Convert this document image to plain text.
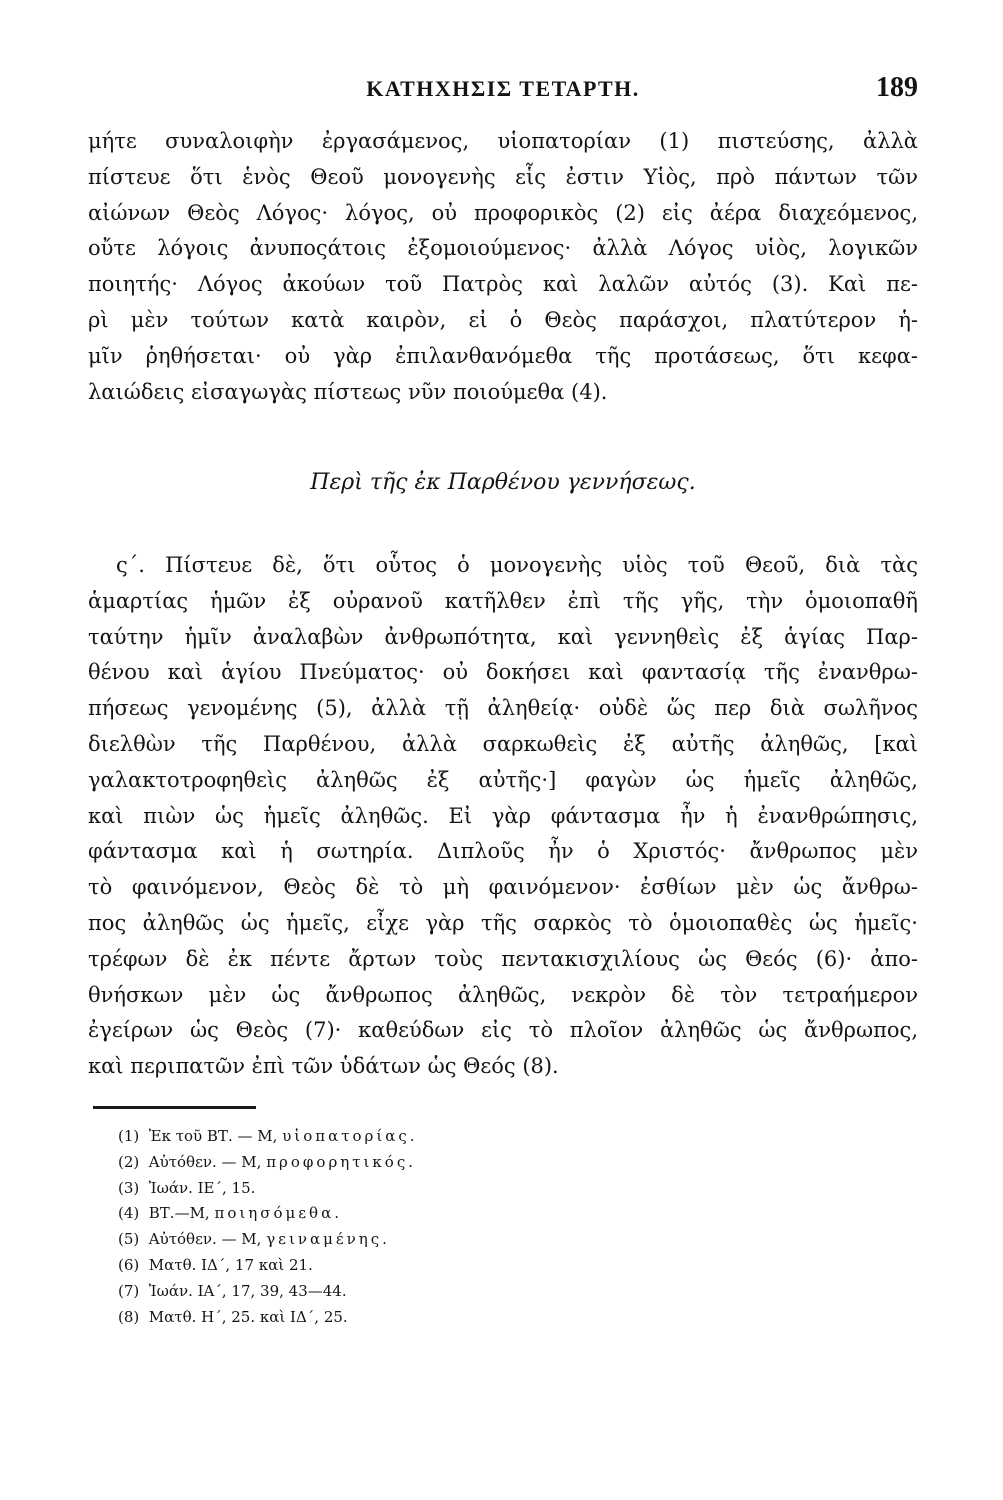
ΚΑΤΗΧΗΣΙΣ ΤΕΤΑΡΤΗ.	189
μήτε συναλοιφὴν ἐργασάμενος, υἱοπατορίαν (1) πιστεύσης, ἀλλὰ
πίστευε ὅτι ἑνὸς Θεοῦ μονογενὴς εἷς ἐστιν Υἱὸς, πρὸ πάντων τῶν
αἰώνων Θεὸς Λόγος· λόγος, οὐ προφορικὸς (2) εἰς ἀέρα διαχεόμενος,
οὔτε λόγοις ἀνυποςάτοις ἐξομοιούμενος· ἀλλὰ Λόγος υἱὸς, λογικῶν
ποιητής· Λόγος ἀκούων τοῦ Πατρὸς καὶ λαλῶν αὐτός (3). Καὶ πε-
ρὶ μὲν τούτων κατὰ καιρὸν, εἰ ὁ Θεὸς παράσχοι, πλατύτερον ἡ-
μῖν ῥηθήσεται· οὐ γὰρ ἐπιλανθανόμεθα τῆς προτάσεως, ὅτι κεφα-
λαιώδεις εἰσαγωγὰς πίστεως νῦν ποιούμεθα (4).
Περὶ τῆς ἐκ Παρθένου γεννήσεως.
ς΄. Πίστευε δὲ, ὅτι οὗτος ὁ μονογενὴς υἱὸς τοῦ Θεοῦ, διὰ τὰς
ἁμαρτίας ἡμῶν ἐξ οὐρανοῦ κατῆλθεν ἐπὶ τῆς γῆς, τὴν ὁμοιοπαθῆ
ταύτην ἡμῖν ἀναλαβὼν ἀνθρωπότητα, καὶ γεννηθεὶς ἐξ ἁγίας Παρ-
θένου καὶ ἁγίου Πνεύματος· οὐ δοκήσει καὶ φαντασίᾳ τῆς ἐνανθρω-
πήσεως γενομένης (5), ἀλλὰ τῇ ἀληθείᾳ· οὐδὲ ὥς περ διὰ σωλῆνος
διελθὼν τῆς Παρθένου, ἀλλὰ σαρκωθεὶς ἐξ αὐτῆς ἀληθῶς, [καὶ
γαλακτοτροφηθεὶς ἀληθῶς ἐξ αὐτῆς·] φαγὼν ὡς ἡμεῖς ἀληθῶς,
καὶ πιὼν ὡς ἡμεῖς ἀληθῶς. Εἰ γὰρ φάντασμα ἦν ἡ ἐνανθρώπησις,
φάντασμα καὶ ἡ σωτηρία. Διπλοῦς ἦν ὁ Χριστός· ἄνθρωπος μὲν
τὸ φαινόμενον, Θεὸς δὲ τὸ μὴ φαινόμενον· ἐσθίων μὲν ὡς ἄνθρω-
πος ἀληθῶς ὡς ἡμεῖς, εἶχε γὰρ τῆς σαρκὸς τὸ ὁμοιοπαθὲς ὡς ἡμεῖς·
τρέφων δὲ ἐκ πέντε ἄρτων τοὺς πεντακισχιλίους ὡς Θεός (6)· ἀπο-
θνήσκων μὲν ὡς ἄνθρωπος ἀληθῶς, νεκρὸν δὲ τὸν τετραήμερον
ἐγείρων ὡς Θεὸς (7)· καθεύδων εἰς τὸ πλοῖον ἀληθῶς ὡς ἄνθρωπος,
καὶ περιπατῶν ἐπὶ τῶν ὑδάτων ὡς Θεός (8).
(1) Ἐκ τοῦ ΒΤ. — Μ, υἱοπατορίας.
(2) Αὐτόθεν. — Μ, προφορητικός.
(3) Ἰωάν. ΙΕ΄, 15.
(4) ΒΤ.—Μ, ποιησόμεθα.
(5) Αὐτόθεν. — Μ, γειναμένης.
(6) Ματθ. ΙΔ΄, 17 καὶ 21.
(7) Ἰωάν. ΙΑ΄, 17, 39, 43—44.
(8) Ματθ. Η΄, 25. καὶ ΙΔ΄, 25.
